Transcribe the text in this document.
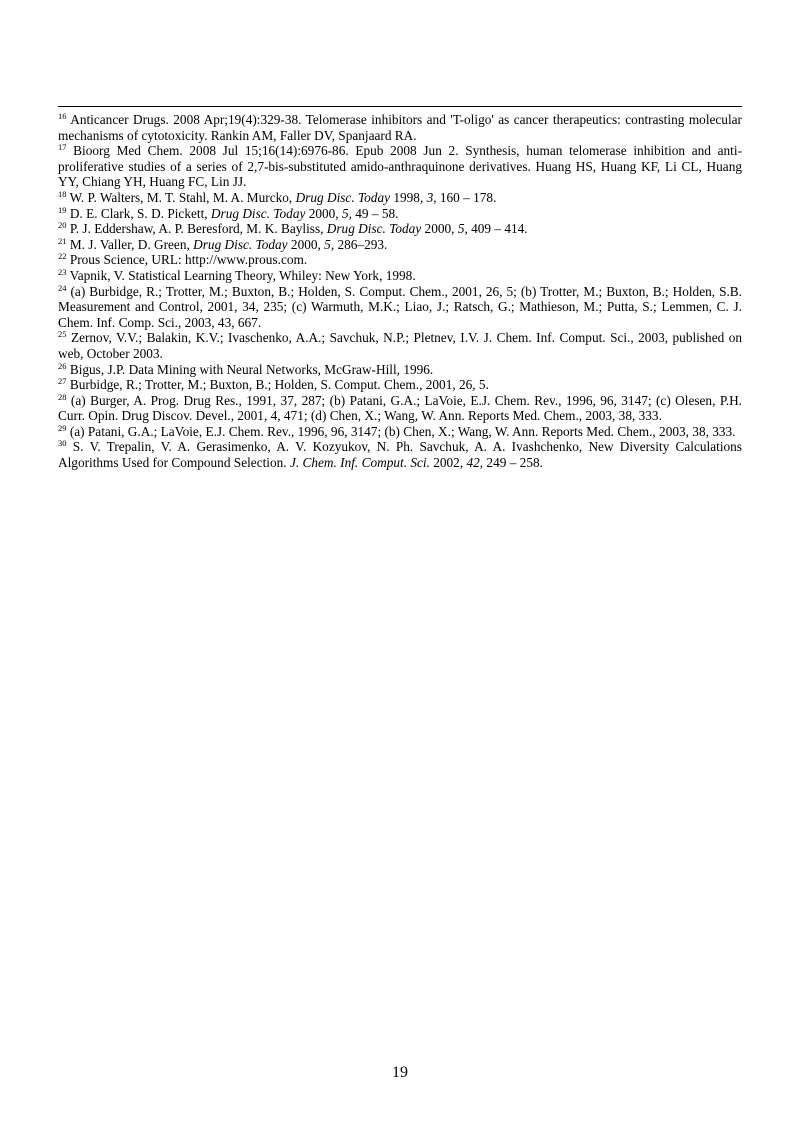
$^{16}$ Anticancer Drugs. 2008 Apr;19(4):329-38. Telomerase inhibitors and 'T-oligo' as cancer therapeutics: contrasting molecular mechanisms of cytotoxicity. Rankin AM, Faller DV, Spanjaard RA.

$^{17}$ Bioorg Med Chem. 2008 Jul 15;16(14):6976-86. Epub 2008 Jun 2. Synthesis, human telomerase inhibition and anti-proliferative studies of a series of 2,7-bis-substituted amido-anthraquinone derivatives. Huang HS, Huang KF, Li CL, Huang YY, Chiang YH, Huang FC, Lin JJ.

$^{18}$ W. P. Walters, M. T. Stahl, M. A. Murcko, Drug Disc. Today 1998, 3, 160 – 178.

$^{19}$ D. E. Clark, S. D. Pickett, Drug Disc. Today 2000, 5, 49 – 58.

$^{20}$ P. J. Eddershaw, A. P. Beresford, M. K. Bayliss, Drug Disc. Today 2000, 5, 409 – 414.

$^{21}$ M. J. Valler, D. Green, Drug Disc. Today 2000, 5, 286–293.

$^{22}$ Prous Science, URL: http://www.prous.com.

$^{23}$ Vapnik, V. Statistical Learning Theory, Whiley: New York, 1998.

$^{24}$ (a) Burbidge, R.; Trotter, M.; Buxton, B.; Holden, S. Comput. Chem., 2001, 26, 5; (b) Trotter, M.; Buxton, B.; Holden, S.B. Measurement and Control, 2001, 34, 235; (c) Warmuth, M.K.; Liao, J.; Ratsch, G.; Mathieson, M.; Putta, S.; Lemmen, C. J. Chem. Inf. Comp. Sci., 2003, 43, 667.

$^{25}$ Zernov, V.V.; Balakin, K.V.; Ivaschenko, A.A.; Savchuk, N.P.; Pletnev, I.V. J. Chem. Inf. Comput. Sci., 2003, published on web, October 2003.

$^{26}$ Bigus, J.P. Data Mining with Neural Networks, McGraw-Hill, 1996.

$^{27}$ Burbidge, R.; Trotter, M.; Buxton, B.; Holden, S. Comput. Chem., 2001, 26, 5.

$^{28}$ (a) Burger, A. Prog. Drug Res., 1991, 37, 287; (b) Patani, G.A.; LaVoie, E.J. Chem. Rev., 1996, 96, 3147; (c) Olesen, P.H. Curr. Opin. Drug Discov. Devel., 2001, 4, 471; (d) Chen, X.; Wang, W. Ann. Reports Med. Chem., 2003, 38, 333.

$^{29}$ (a) Patani, G.A.; LaVoie, E.J. Chem. Rev., 1996, 96, 3147; (b) Chen, X.; Wang, W. Ann. Reports Med. Chem., 2003, 38, 333.

$^{30}$ S. V. Trepalin, V. A. Gerasimenko, A. V. Kozyukov, N. Ph. Savchuk, A. A. Ivashchenko, New Diversity Calculations Algorithms Used for Compound Selection. J. Chem. Inf. Comput. Sci. 2002, 42, 249 – 258.

19
